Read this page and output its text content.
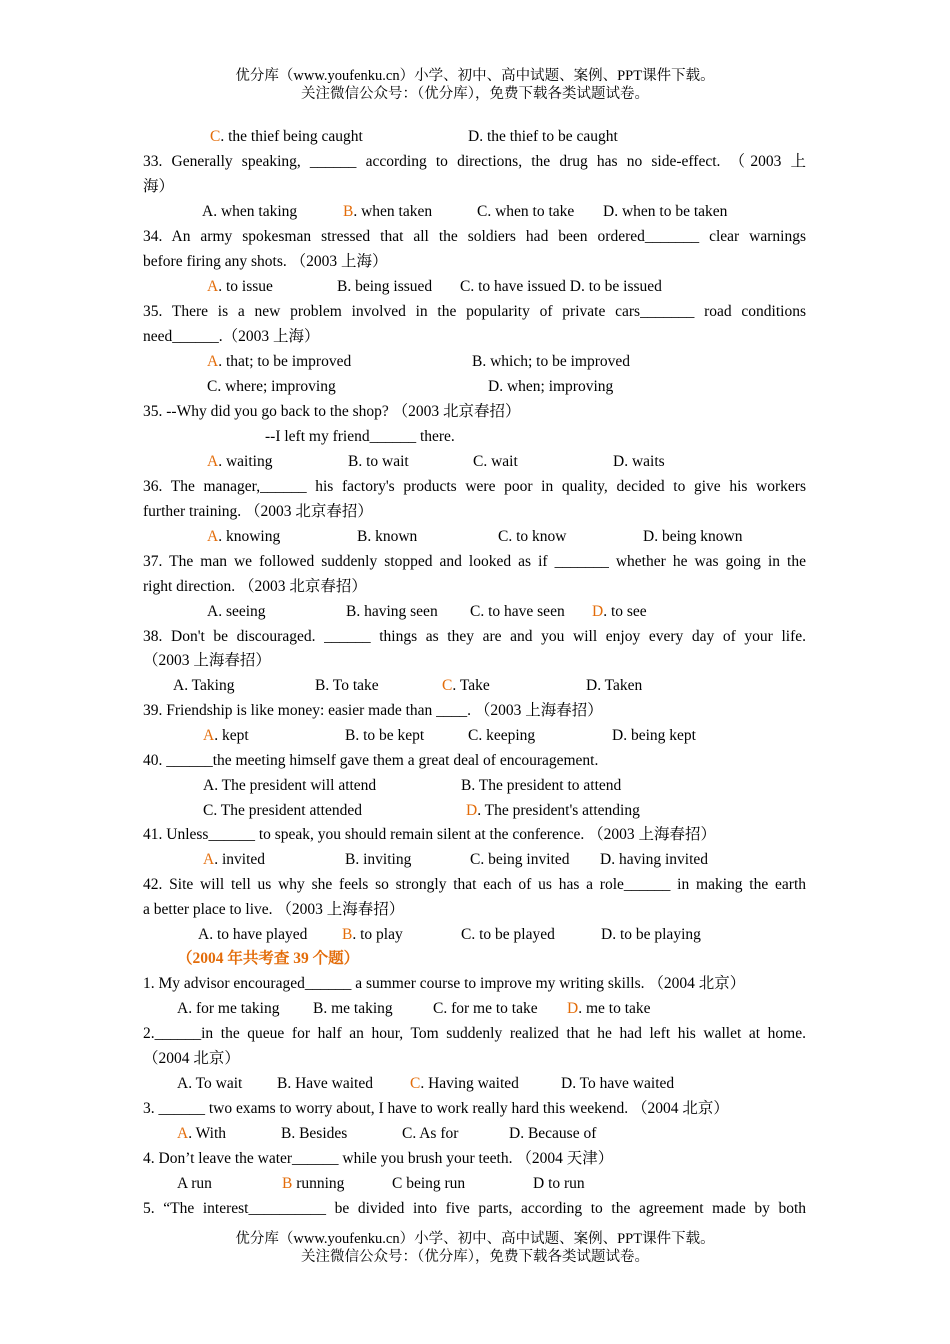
优分库（www.youfenku.cn）小学、初中、高中试题、案例、PPT课件下载。
关注微信公众号：（优分库），免费下载各类试题试卷。
C. the thief being caught	D. the thief to be caught
33. Generally speaking, ______ according to directions, the drug has no side-effect. （2003 上
海）
A. when taking	B. when taken	C. when to take D. when to be taken
34. An army spokesman stressed that all the soldiers had been ordered_______ clear warnings
before firing any shots. （2003 上海）
A. to issue	B. being issued C. to have issued D. to be issued
35. There is a new problem involved in the popularity of private cars_______ road conditions
need______.（2003 上海）
A. that; to be improved	B. which; to be improved
C. where; improving	D. when; improving
35. --Why did you go back to the shop? （2003 北京春招）
--I left my friend______ there.
A. waiting	B. to wait	C. wait	D. waits
36. The manager,______ his factory's products were poor in quality, decided to give his workers
further training. （2003 北京春招）
A. knowing	B. known	C. to know	D. being known
37. The man we followed suddenly stopped and looked as if _______ whether he was going in the
right direction. （2003 北京春招）
A. seeing	B. having seen C. to have seen D. to see
38. Don't be discouraged. ______ things as they are and you will enjoy every day of your life.
（2003 上海春招）
A. Taking	B. To take	C. Take	D. Taken
39. Friendship is like money: easier made than ____. （2003 上海春招）
A. kept	B. to be kept	C. keeping	D. being kept
40. ______the meeting himself gave them a great deal of encouragement.
A. The president will attend	B. The president to attend
C. The president attended	D. The president's attending
41. Unless______ to speak, you should remain silent at the conference. （2003 上海春招）
A. invited	B. inviting	C. being invited D. having invited
42. Site will tell us why she feels so strongly that each of us has a role______ in making the earth
a better place to live. （2003 上海春招）
A. to have played B. to play	C. to be played	D. to be playing
（2004 年共考查 39 个题）
1. My advisor encouraged______ a summer course to improve my writing skills. （2004 北京）
A. for me taking B. me taking	C. for me to take D. me to take
2.______in the queue for half an hour, Tom suddenly realized that he had left his wallet at home.
（2004 北京）
A. To wait B. Have waited C. Having waited	D. To have waited
3. ______ two exams to worry about, I have to work really hard this weekend. （2004 北京）
A. With	B. Besides	C. As for	D. Because of
4. Don’t leave the water______ while you brush your teeth. （2004 天津）
A run	B running	C being run	D to run
5. “The interest__________ be divided into five parts, according to the agreement made by both
优分库（www.youfenku.cn）小学、初中、高中试题、案例、PPT课件下载。
关注微信公众号：（优分库），免费下载各类试题试卷。
